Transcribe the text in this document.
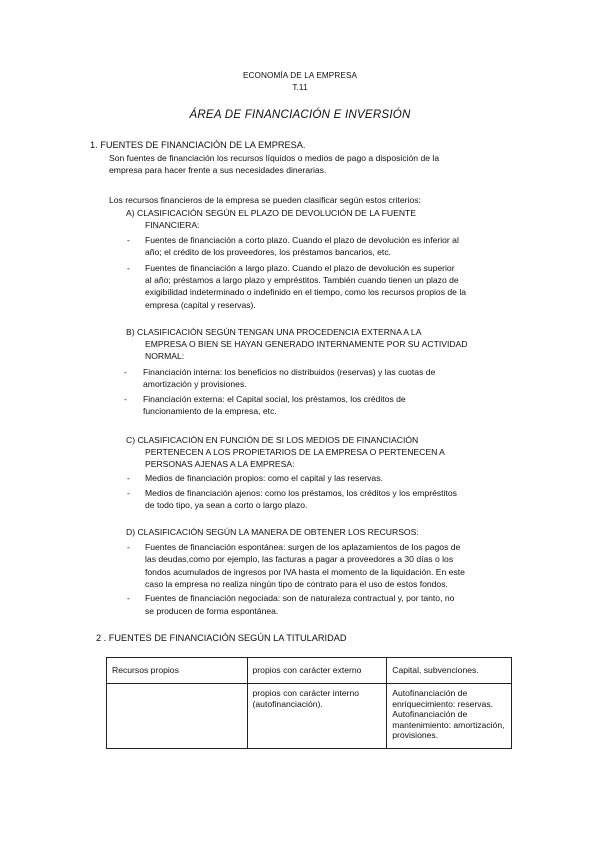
ECONOMÍA DE LA EMPRESA
T.11
ÁREA DE FINANCIACIÓN E INVERSIÓN
1. FUENTES DE FINANCIACIÓN DE LA EMPRESA.
Son fuentes de financiación los recursos líquidos o medios de pago a disposición de la
empresa para hacer frente a sus necesidades dinerarias.
Los recursos financieros de la empresa se pueden clasificar según estos criterios:
A) CLASIFICACIÓN SEGÚN EL PLAZO DE DEVOLUCIÓN DE LA FUENTE
FINANCIERA:
- Fuentes de financiación a corto plazo. Cuando el plazo de devolución es inferior al
año; el crédito de los proveedores, los préstamos bancarios, etc.
- Fuentes de financiación a largo plazo. Cuando el plazo de devolución es superior
al año; préstamos a largo plazo y empréstitos. También cuando tienen un plazo de
exigibilidad indeterminado o indefinido en el tiempo, como los recursos propios de la
empresa (capital y reservas).
B) CLASIFICACIÓN SEGÚN TENGAN UNA PROCEDENCIA EXTERNA A LA
EMPRESA O BIEN SE HAYAN GENERADO INTERNAMENTE POR SU ACTIVIDAD
NORMAL:
- Financiación interna: los beneficios no distribuidos (reservas) y las cuotas de
amortización y provisiones.
- Financiación externa: el Capital social, los préstamos, los créditos de
funcionamiento de la empresa, etc.
C) CLASIFICACIÓN EN FUNCIÓN DE SI LOS MEDIOS DE FINANCIACIÓN
PERTENECEN A LOS PROPIETARIOS DE LA EMPRESA O PERTENECEN A
PERSONAS AJENAS A LA EMPRESA:
- Medios de financiación propios: como el capital y las reservas.
- Medios de financiación ajenos: como los préstamos, los créditos y los empréstitos
de todo tipo, ya sean a corto o largo plazo.
D) CLASIFICACIÓN SEGÚN LA MANERA DE OBTENER LOS RECURSOS:
- Fuentes de financiación espontánea: surgen de los aplazamientos de los pagos de
las deudas,como por ejemplo, las facturas a pagar a proveedores a 30 días o los
fondos acumulados de ingresos por IVA hasta el momento de la liquidación. En este
caso la empresa no realiza ningún tipo de contrato para el uso de estos fondos.
- Fuentes de financiación negociada: son de naturaleza contractual y, por tanto, no
se producen de forma espontánea.
2 . FUENTES DE FINANCIACIÓN SEGÚN LA TITULARIDAD
Recursos propios	propios con carácter externo	Capital, subvenciones.
	propios con carácter interno (autofinanciación).	Autofinanciación de enriquecimiento: reservas. Autofinanciación de mantenimiento: amortización, provisiones.
